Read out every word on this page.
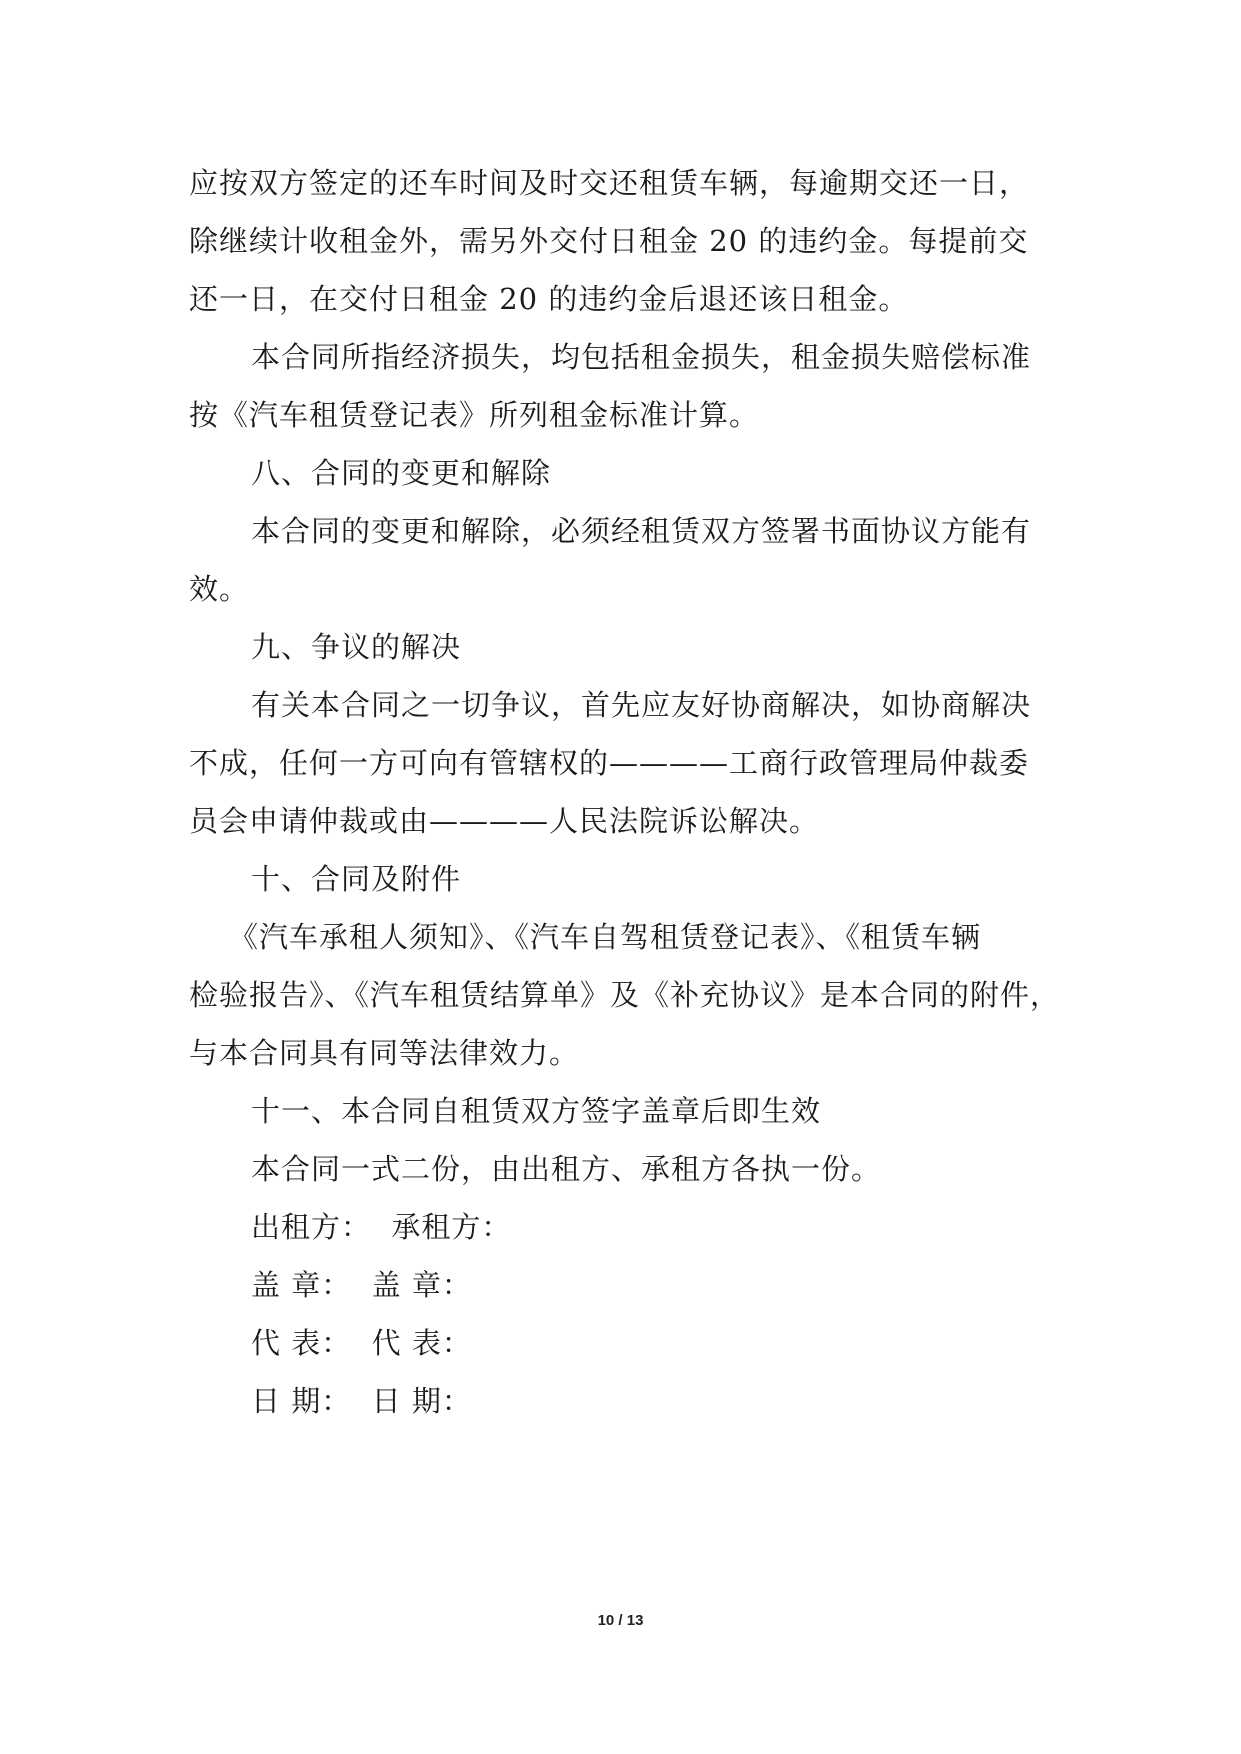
应按双方签定的还车时间及时交还租赁车辆，每逾期交还一日，
除继续计收租金外，需另外交付日租金 20 的违约金。每提前交
还一日，在交付日租金 20 的违约金后退还该日租金。
本合同所指经济损失，均包括租金损失，租金损失赔偿标准
按《汽车租赁登记表》所列租金标准计算。
八、合同的变更和解除
本合同的变更和解除，必须经租赁双方签署书面协议方能有
效。
九、争议的解决
有关本合同之一切争议，首先应友好协商解决，如协商解决
不成，任何一方可向有管辖权的————工商行政管理局仲裁委
员会申请仲裁或由————人民法院诉讼解决。
十、合同及附件
《汽车承租人须知》、《汽车自驾租赁登记表》、《租赁车辆
检验报告》、《汽车租赁结算单》及《补充协议》是本合同的附件，
与本合同具有同等法律效力。
十一、本合同自租赁双方签字盖章后即生效
本合同一式二份，由出租方、承租方各执一份。
出租方：  承租方：
盖 章：  盖 章：
代 表：  代 表：
日 期：  日 期：
10 / 13
